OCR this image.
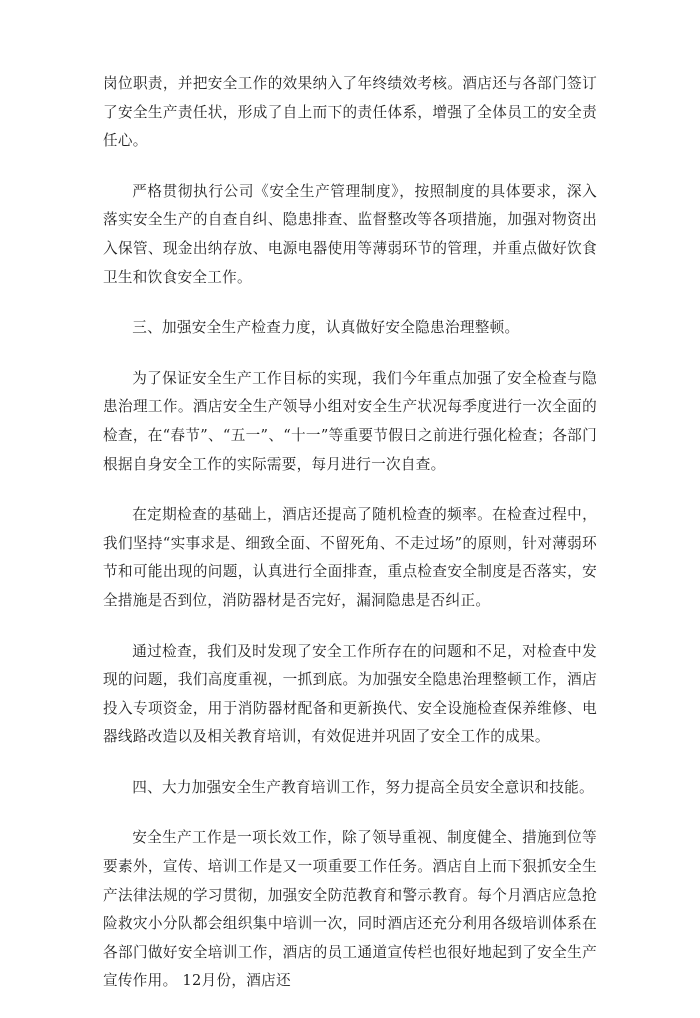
岗位职责，并把安全工作的效果纳入了年终绩效考核。酒店还与各部门签订了安全生产责任状，形成了自上而下的责任体系，增强了全体员工的安全责任心。

严格贯彻执行公司《安全生产管理制度》，按照制度的具体要求，深入落实安全生产的自查自纠、隐患排查、监督整改等各项措施，加强对物资出入保管、现金出纳存放、电源电器使用等薄弱环节的管理，并重点做好饮食卫生和饮食安全工作。

三、加强安全生产检查力度，认真做好安全隐患治理整顿。

为了保证安全生产工作目标的实现，我们今年重点加强了安全检查与隐患治理工作。酒店安全生产领导小组对安全生产状况每季度进行一次全面的检查，在“春节”、“五一”、“十一”等重要节假日之前进行强化检查；各部门根据自身安全工作的实际需要，每月进行一次自查。

在定期检查的基础上，酒店还提高了随机检查的频率。在检查过程中，我们坚持“实事求是、细致全面、不留死角、不走过场”的原则，针对薄弱环节和可能出现的问题，认真进行全面排查，重点检查安全制度是否落实，安全措施是否到位，消防器材是否完好，漏洞隐患是否纠正。

通过检查，我们及时发现了安全工作所存在的问题和不足，对检查中发现的问题，我们高度重视，一抓到底。为加强安全隐患治理整顿工作，酒店投入专项资金，用于消防器材配备和更新换代、安全设施检查保养维修、电器线路改造以及相关教育培训，有效促进并巩固了安全工作的成果。

四、大力加强安全生产教育培训工作，努力提高全员安全意识和技能。

安全生产工作是一项长效工作，除了领导重视、制度健全、措施到位等要素外，宣传、培训工作是又一项重要工作任务。酒店自上而下狠抓安全生产法律法规的学习贯彻，加强安全防范教育和警示教育。每个月酒店应急抢险救灾小分队都会组织集中培训一次，同时酒店还充分利用各级培训体系在各部门做好安全培训工作，酒店的员工通道宣传栏也很好地起到了安全生产宣传作用。 12月份，酒店还
